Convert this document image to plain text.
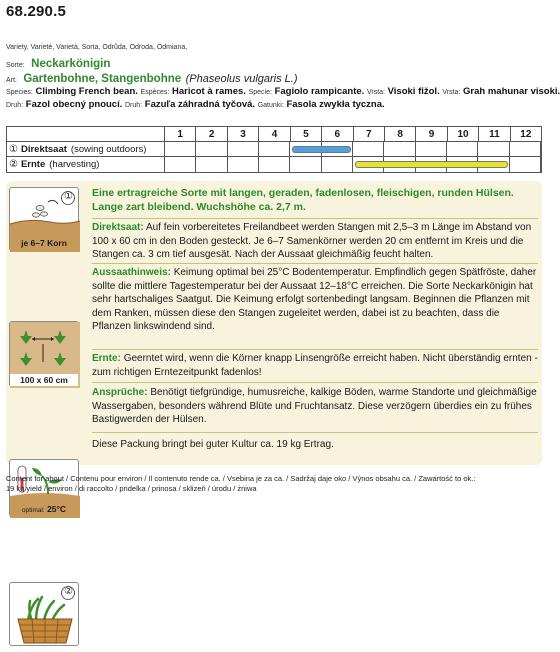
68.290.5
Variety, Varieté, Varietà, Sorta, Odrůda, Odroda, Odmiana,
Sorte: Neckarkönigin
Art: Gartenbohne, Stangenbohne (Phaseolus vulgaris L.)
Species: Climbing French bean. Espèces: Haricot à rames. Specie: Fagiolo rampicante. Vrsta: Visoki fižol. Vrsta: Grah mahunar visoki.
Druh: Fazol obecný pnoucí. Druh: Fazuľa záhradná tyčová. Gatunki: Fasola zwykła tyczna.
1	2	3	4	5	6	7	8	9	10	11	12
① Direktsaat (sowing outdoors)
② Ernte (harvesting)
①
je 6–7 Korn
100 x 60 cm
optimal: 25°C
②
Eine ertragreiche Sorte mit langen, geraden, fadenlosen, fleischigen, runden Hülsen. Lange zart bleibend. Wuchshöhe ca. 2,7 m.
Direktsaat: Auf fein vorbereitetes Freilandbeet werden Stangen mit 2,5–3 m Länge im Abstand von 100 x 60 cm in den Boden gesteckt. Je 6–7 Samenkörner werden 20 cm entfernt im Kreis und die Stangen ca. 3 cm tief ausgesät. Nach der Aussaat gleichmäßig feucht halten.
Aussaathinweis: Keimung optimal bei 25°C Bodentemperatur. Empfindlich gegen Spätfröste, daher sollte die mittlere Tagestemperatur bei der Aussaat 12–18°C erreichen. Die Sorte Neckarkönigin hat sehr hartschaliges Saatgut. Die Keimung erfolgt sortenbedingt langsam. Beginnen die Pflanzen mit dem Ranken, müssen diese den Stangen zugeleitet werden, dabei ist zu beachten, dass die Pflanzen linkswindend sind.
Ernte: Geerntet wird, wenn die Körner knapp Linsengröße erreicht haben. Nicht überständig ernten - zum richtigen Erntezeitpunkt fadenlos!
Ansprüche: Benötigt tiefgründige, humusreiche, kalkige Böden, warme Standorte und gleichmäßige Wassergaben, besonders während Blüte und Fruchtansatz. Diese verzögern überdies ein zu frühes Bastigwerden der Hülsen.
Diese Packung bringt bei guter Kultur ca. 19 kg Ertrag.
Content for about / Contenu pour environ / Il contenuto rende ca. / Vsebina je za ca. / Sadržaj daje oko / Výnos obsahu ca. / Zawartość to ok.:
19 kg yield / environ / di raccolto / pridelka / prinosa / sklizeň / úrodu / żniwa
